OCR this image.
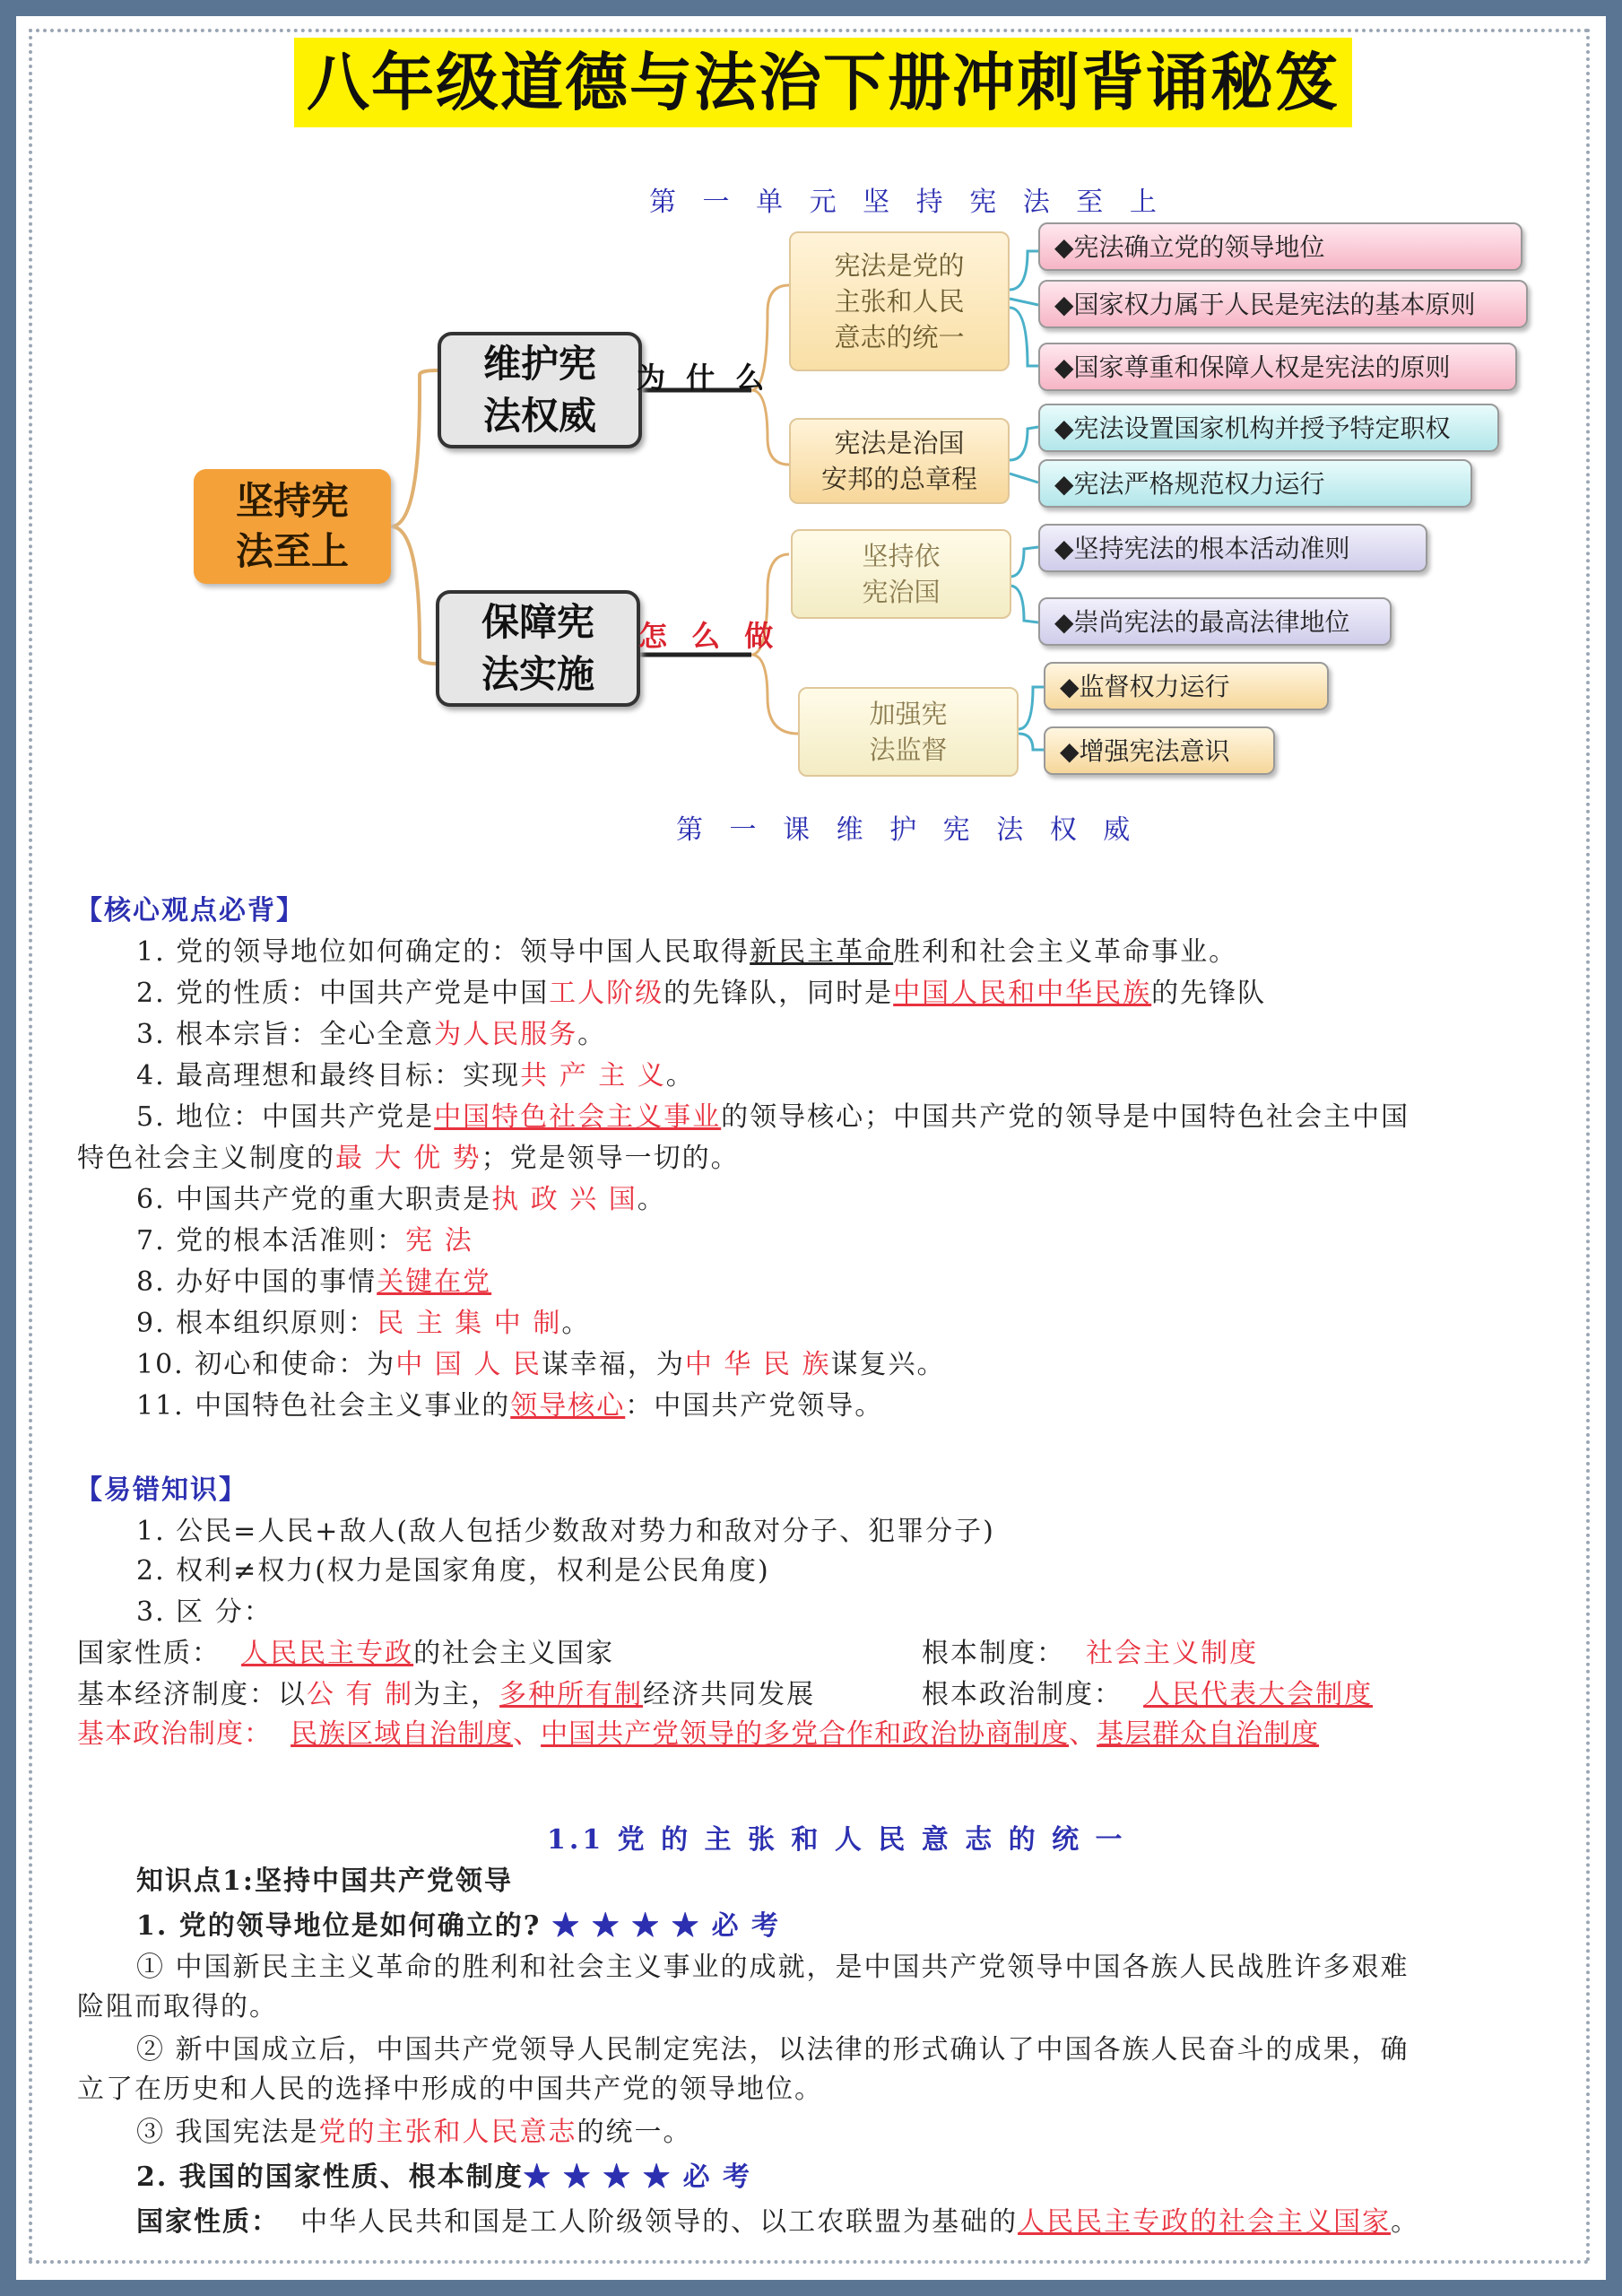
八年级道德与法治下册冲刺背诵秘笈
第 一 单 元 坚 持 宪 法 至 上
坚持宪
法至上
维护宪
法权威
为 什 么
保障宪
法实施
怎 么 做
宪法是党的
主张和人民
意志的统一
宪法是治国
安邦的总章程
坚持依
宪治国
加强宪
法监督
◆宪法确立党的领导地位
◆国家权力属于人民是宪法的基本原则
◆国家尊重和保障人权是宪法的原则
◆宪法设置国家机构并授予特定职权
◆宪法严格规范权力运行
◆坚持宪法的根本活动准则
◆崇尚宪法的最高法律地位
◆监督权力运行
◆增强宪法意识
第 一 课 维 护 宪 法 权 威
【核心观点必背】
1. 党的领导地位如何确定的：领导中国人民取得新民主革命胜利和社会主义革命事业。
2. 党的性质：中国共产党是中国工人阶级的先锋队，同时是中国人民和中华民族的先锋队
3. 根本宗旨：全心全意为人民服务。
4. 最高理想和最终目标：实现共 产 主 义。
5. 地位：中国共产党是中国特色社会主义事业的领导核心；中国共产党的领导是中国特色社会主中国
特色社会主义制度的最 大 优 势；党是领导一切的。
6. 中国共产党的重大职责是执 政 兴 国。
7. 党的根本活准则：宪 法
8. 办好中国的事情关键在党
9. 根本组织原则：民 主 集 中 制。
10. 初心和使命：为中 国 人 民谋幸福，为中 华 民 族谋复兴。
11. 中国特色社会主义事业的领导核心：中国共产党领导。
【易错知识】
1. 公民=人民+敌人(敌人包括少数敌对势力和敌对分子、犯罪分子)
2. 权利≠权力(权力是国家角度，权利是公民角度)
3. 区 分：
国家性质： 人民民主专政的社会主义国家	根本制度： 社会主义制度
基本经济制度：以公 有 制为主，多种所有制经济共同发展	根本政治制度： 人民代表大会制度
基本政治制度： 民族区域自治制度、中国共产党领导的多党合作和政治协商制度、基层群众自治制度
1.1 党 的 主 张 和 人 民 意 志 的 统 一
知识点1:坚持中国共产党领导
1. 党的领导地位是如何确立的? ★ ★ ★ ★ 必 考
① 中国新民主主义革命的胜利和社会主义事业的成就，是中国共产党领导中国各族人民战胜许多艰难
险阻而取得的。
② 新中国成立后，中国共产党领导人民制定宪法，以法律的形式确认了中国各族人民奋斗的成果，确
立了在历史和人民的选择中形成的中国共产党的领导地位。
③ 我国宪法是党的主张和人民意志的统一。
2. 我国的国家性质、根本制度★ ★ ★ ★ 必 考
国家性质： 中华人民共和国是工人阶级领导的、以工农联盟为基础的人民民主专政的社会主义国家。
